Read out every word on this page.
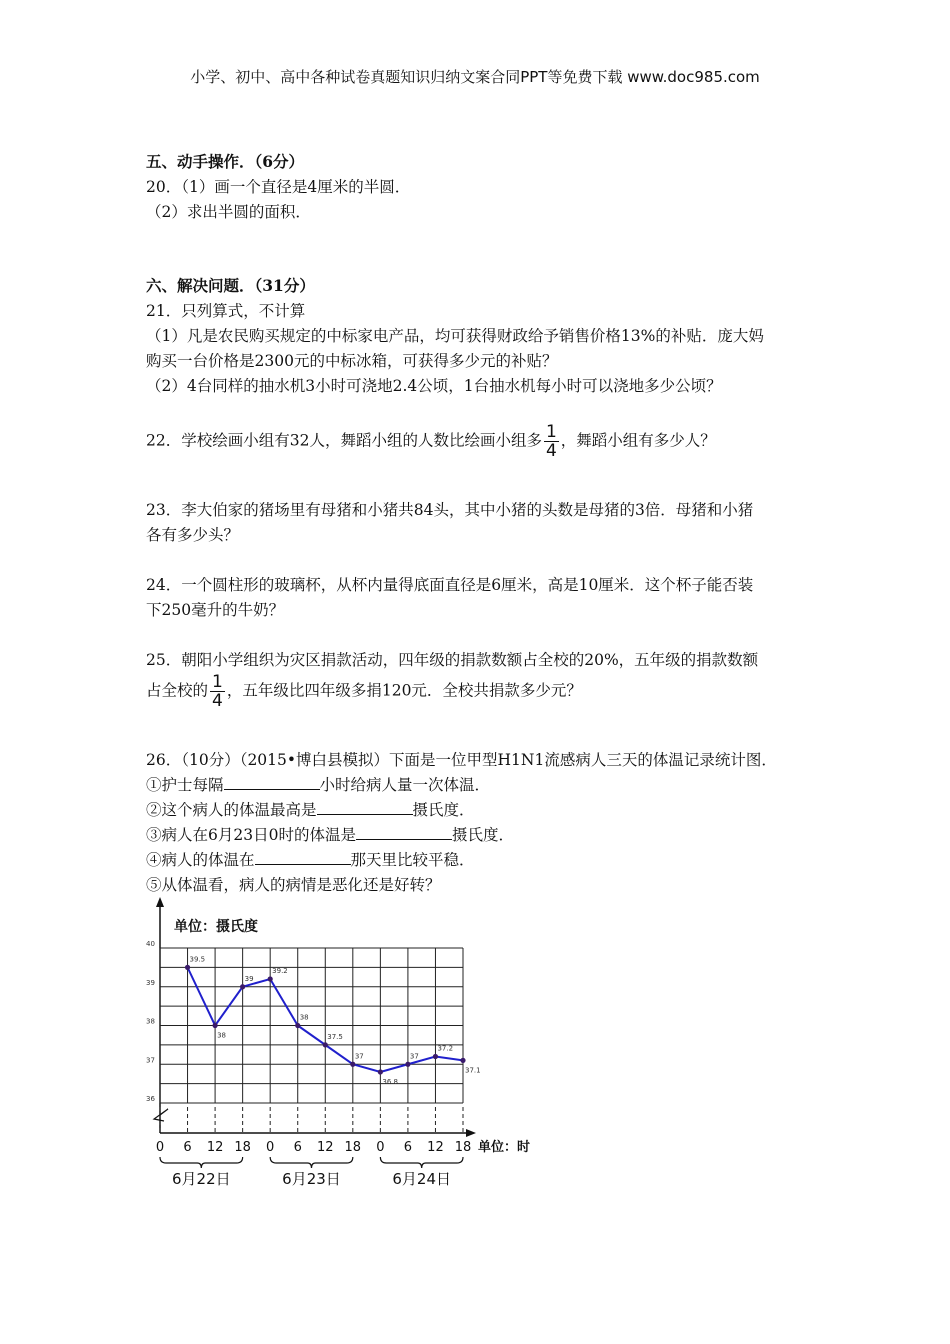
小学、初中、高中各种试卷真题知识归纳文案合同PPT等免费下载 www.doc985.com
五、动手操作．（6分）
20．（1）画一个直径是4厘米的半圆．
（2）求出半圆的面积．
六、解决问题．（31分）
21．只列算式，不计算
（1）凡是农民购买规定的中标家电产品，均可获得财政给予销售价格13%的补贴．庞大妈
购买一台价格是2300元的中标冰箱，可获得多少元的补贴？
（2）4台同样的抽水机3小时可浇地2.4公顷，1台抽水机每小时可以浇地多少公顷？
22．学校绘画小组有32人，舞蹈小组的人数比绘画小组多 $\frac{1}{4}$ ，舞蹈小组有多少人？
23．李大伯家的猪场里有母猪和小猪共84头，其中小猪的头数是母猪的3倍．母猪和小猪
各有多少头？
24．一个圆柱形的玻璃杯，从杯内量得底面直径是6厘米，高是10厘米．这个杯子能否装
下250毫升的牛奶？
25．朝阳小学组织为灾区捐款活动，四年级的捐款数额占全校的20%，五年级的捐款数额
占全校的 $\frac{1}{4}$ ，五年级比四年级多捐120元．全校共捐款多少元？
26．（10分）（2015•博白县模拟）下面是一位甲型H1N1流感病人三天的体温记录统计图．
①护士每隔	小时给病人量一次体温．
②这个病人的体温最高是	摄氏度．
③病人在6月23日0时的体温是	摄氏度．
④病人的体温在	那天里比较平稳．
⑤从体温看，病人的病情是恶化还是好转？
单位：摄氏度
40
39
38
37
36
0 6 12 18 0 6 12 18 0 6 12 18 单位：时
6月22日	6月23日	6月24日
39.5
38
39
39.2
38
37.5
37
36.8
37
37.2
37.1
